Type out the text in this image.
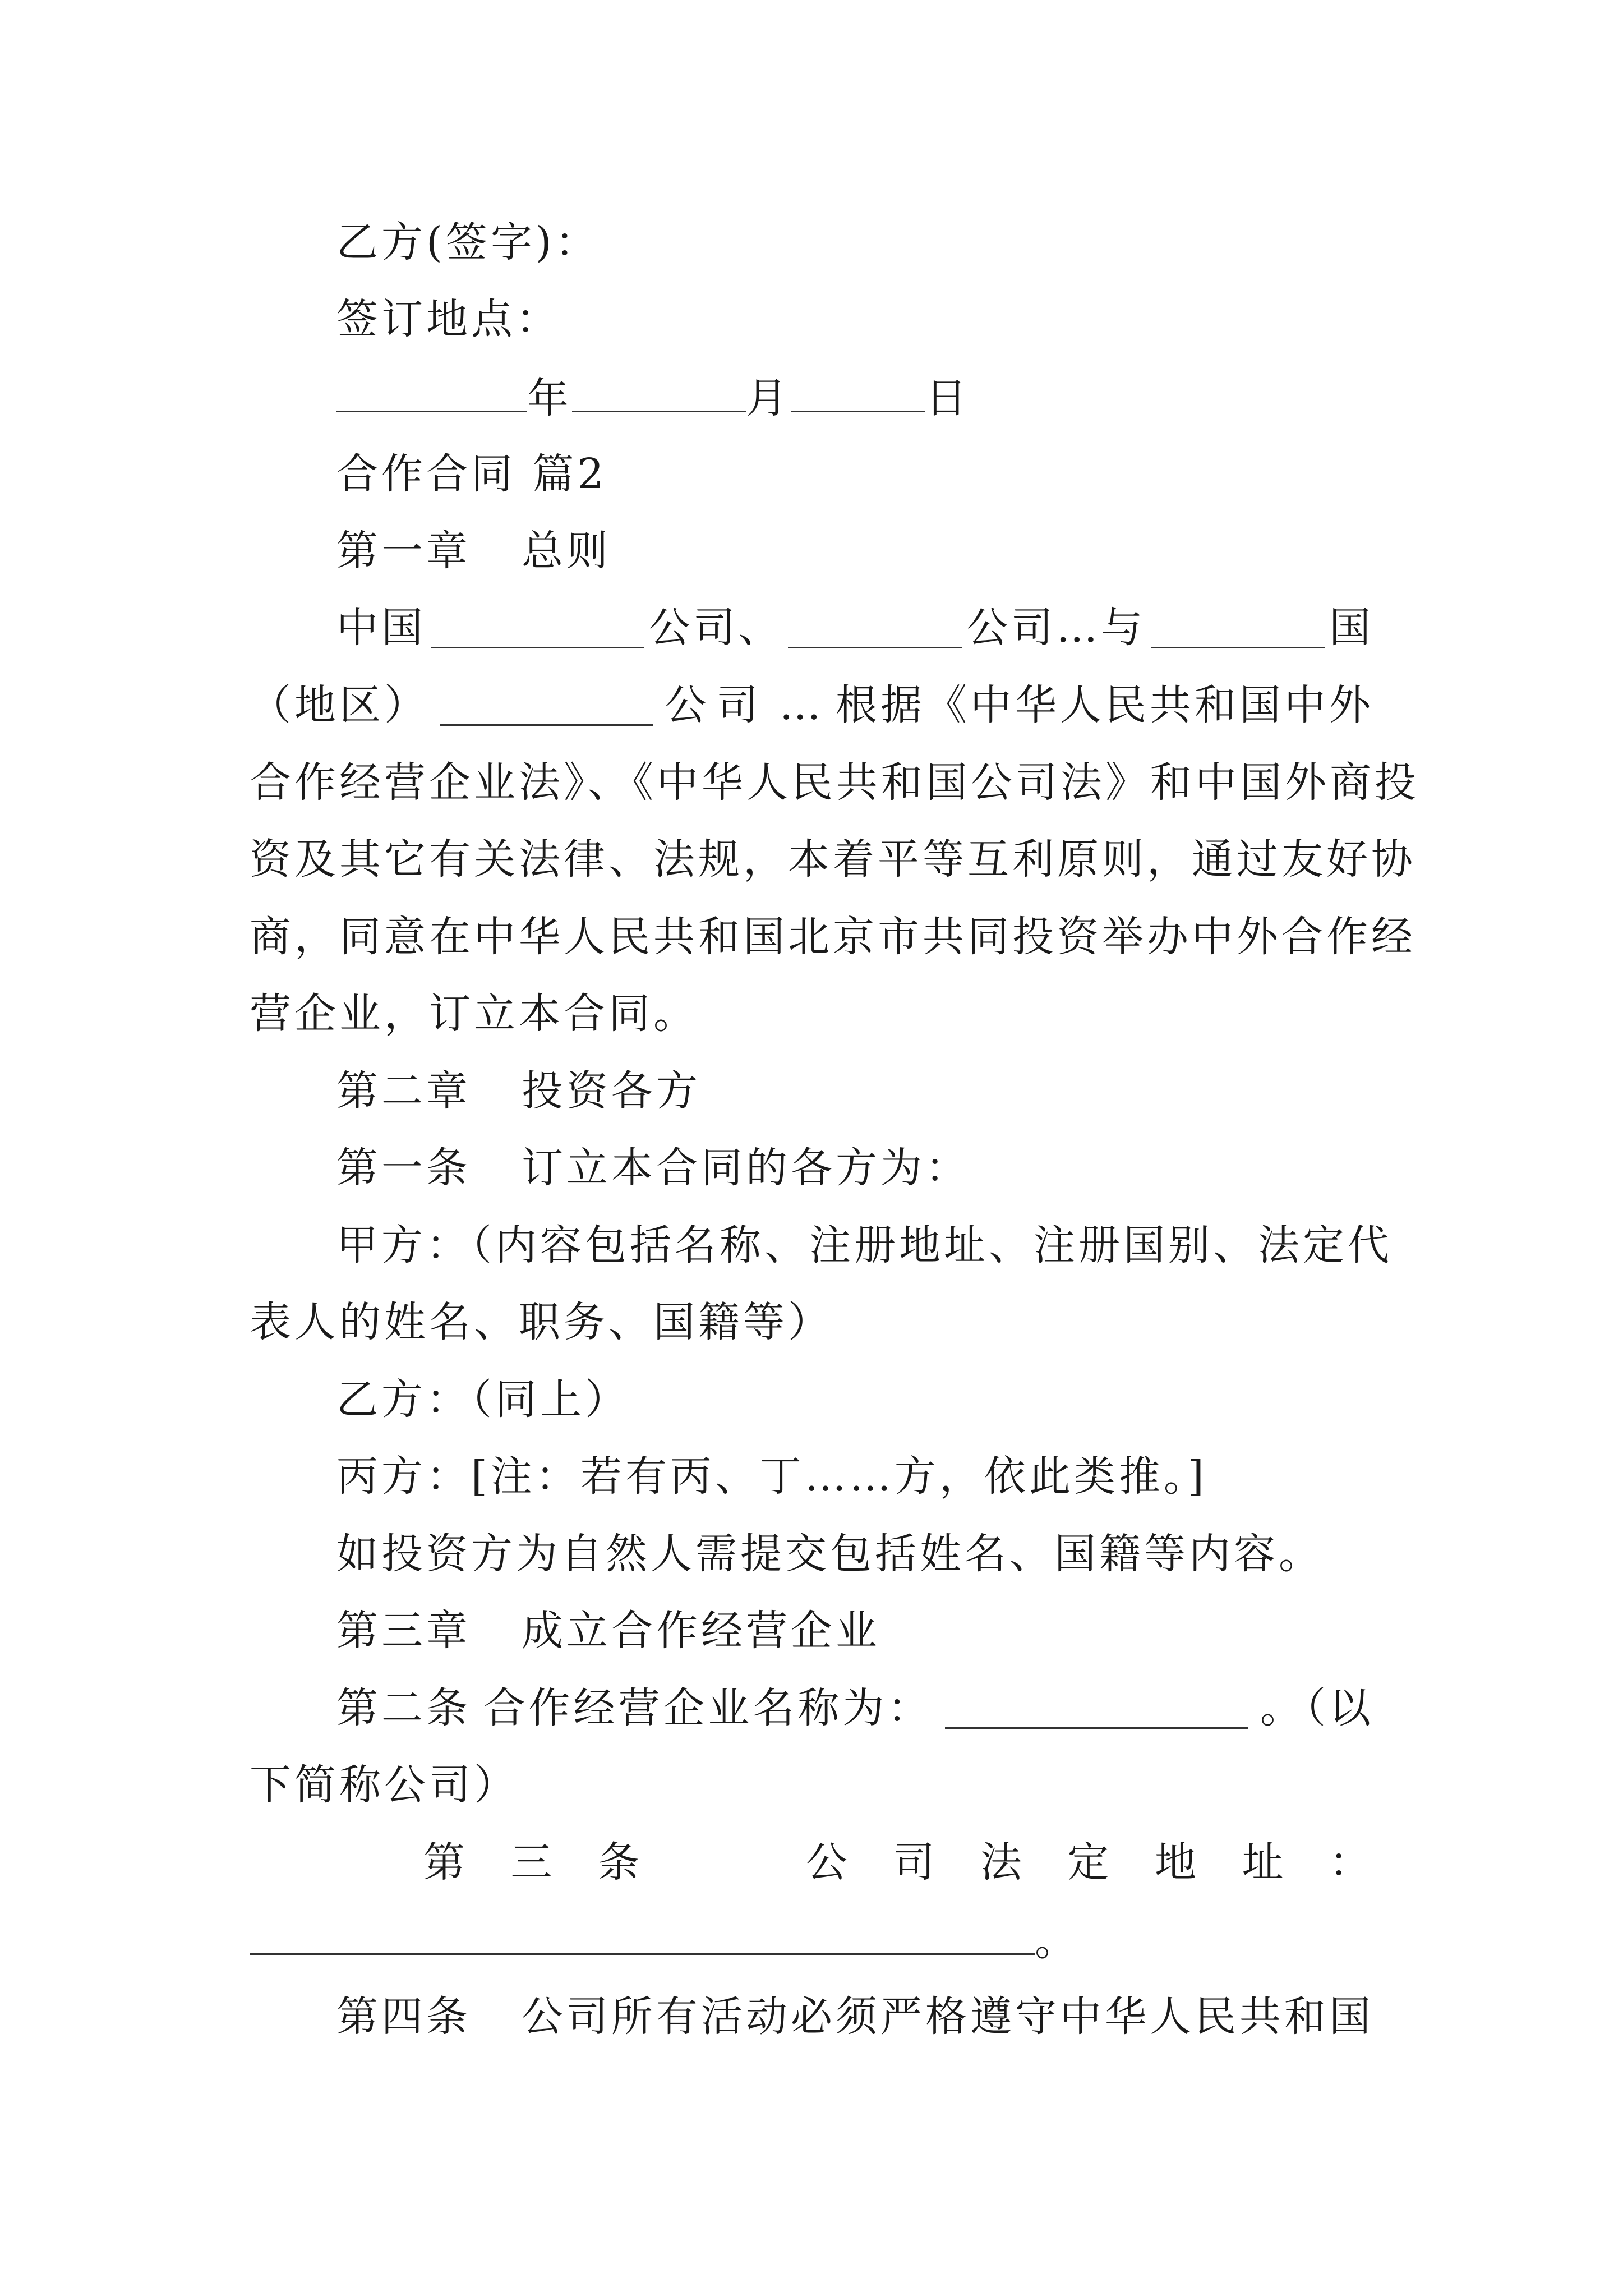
乙方(签字)：
签订地点：
年	月	日
合作合同 篇2
第一章 总则
中国	公司、	公司…与	国
（地区）	公司 … 根据《中华人民共和国中外
合作经营企业法》、《中华人民共和国公司法》和中国外商投
资及其它有关法律、法规，本着平等互利原则，通过友好协
商，同意在中华人民共和国北京市共同投资举办中外合作经
营企业，订立本合同。
第二章 投资各方
第一条 订立本合同的各方为：
甲方：（内容包括名称、注册地址、注册国别、法定代
表人的姓名、职务、国籍等）
乙方：（同上）
丙方：[注：若有丙、丁……方，依此类推。]
如投资方为自然人需提交包括姓名、国籍等内容。
第三章 成立合作经营企业
第二条 合作经营企业名称为：	。（以
下简称公司）
第 三 条	公 司 法 定 地 址 ：
。
第四条 公司所有活动必须严格遵守中华人民共和国
